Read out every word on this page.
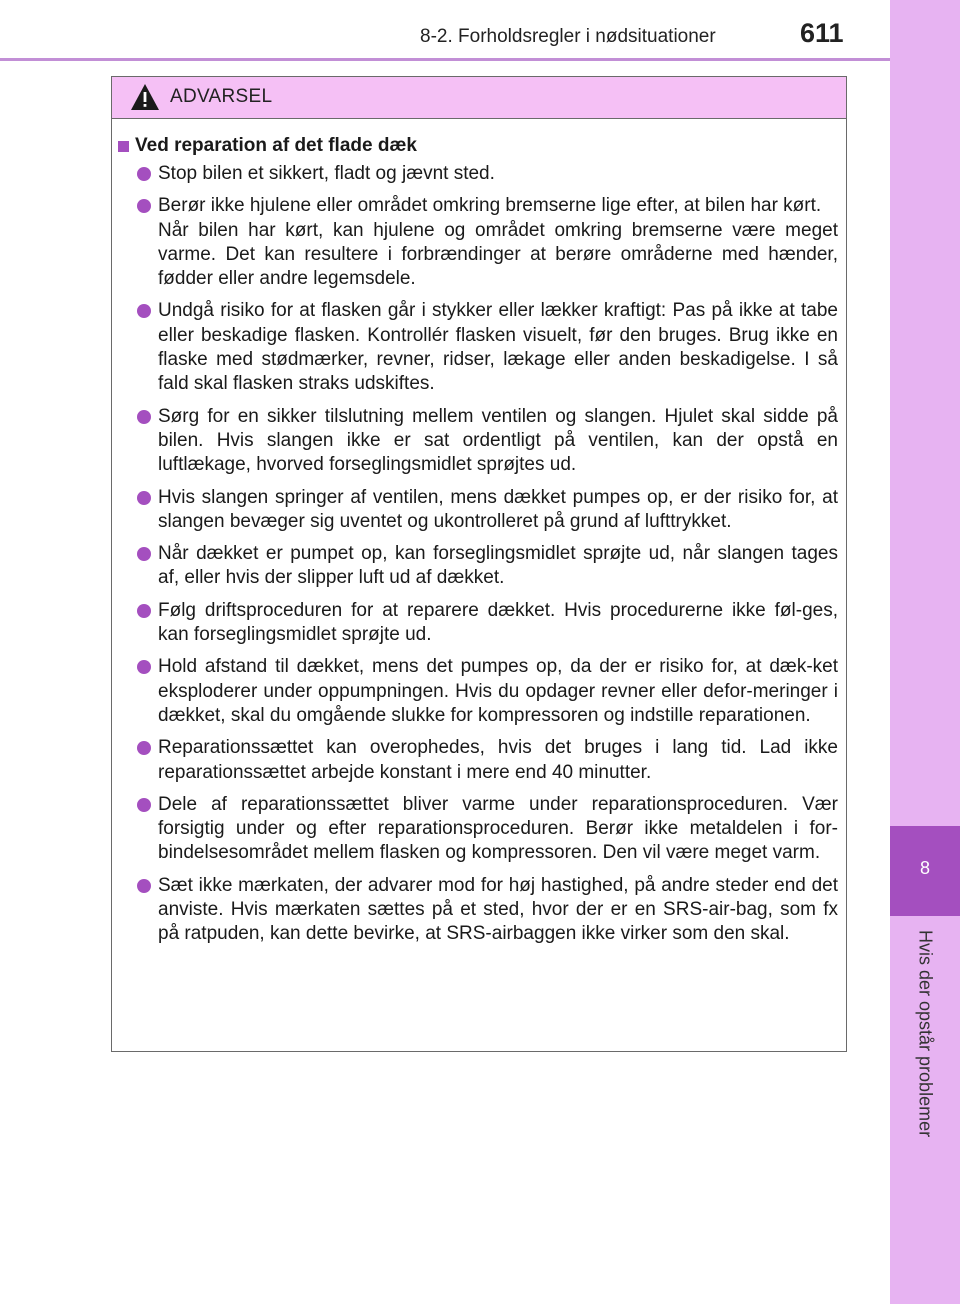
8-2. Forholdsregler i nødsituationer	611
8
Hvis der opstår problemer
ADVARSEL
Ved reparation af det flade dæk

Stop bilen et sikkert, fladt og jævnt sted.

Berør ikke hjulene eller området omkring bremserne lige efter, at bilen har kørt.

Når bilen har kørt, kan hjulene og området omkring bremserne være meget varme. Det kan resultere i forbrændinger at berøre områderne med hænder, fødder eller andre legemsdele.

Undgå risiko for at flasken går i stykker eller lækker kraftigt: Pas på ikke at tabe eller beskadige flasken. Kontrollér flasken visuelt, før den bruges. Brug ikke en flaske med stødmærker, revner, ridser, lækage eller anden beskadigelse. I så fald skal flasken straks udskiftes.

Sørg for en sikker tilslutning mellem ventilen og slangen. Hjulet skal sidde på bilen. Hvis slangen ikke er sat ordentligt på ventilen, kan der opstå en luftlækage, hvorved forseglingsmidlet sprøjtes ud.

Hvis slangen springer af ventilen, mens dækket pumpes op, er der risiko for, at slangen bevæger sig uventet og ukontrolleret på grund af lufttrykket.

Når dækket er pumpet op, kan forseglingsmidlet sprøjte ud, når slangen tages af, eller hvis der slipper luft ud af dækket.

Følg driftsproceduren for at reparere dækket. Hvis procedurerne ikke føl-ges, kan forseglingsmidlet sprøjte ud.

Hold afstand til dækket, mens det pumpes op, da der er risiko for, at dæk-ket eksploderer under oppumpningen. Hvis du opdager revner eller defor-meringer i dækket, skal du omgående slukke for kompressoren og indstille reparationen.

Reparationssættet kan overophedes, hvis det bruges i lang tid. Lad ikke reparationssættet arbejde konstant i mere end 40 minutter.

Dele af reparationssættet bliver varme under reparationsproceduren. Vær forsigtig under og efter reparationsproceduren. Berør ikke metaldelen i for-bindelsesområdet mellem flasken og kompressoren. Den vil være meget varm.

Sæt ikke mærkaten, der advarer mod for høj hastighed, på andre steder end det anviste. Hvis mærkaten sættes på et sted, hvor der er en SRS-air-bag, som fx på ratpuden, kan dette bevirke, at SRS-airbaggen ikke virker som den skal.
